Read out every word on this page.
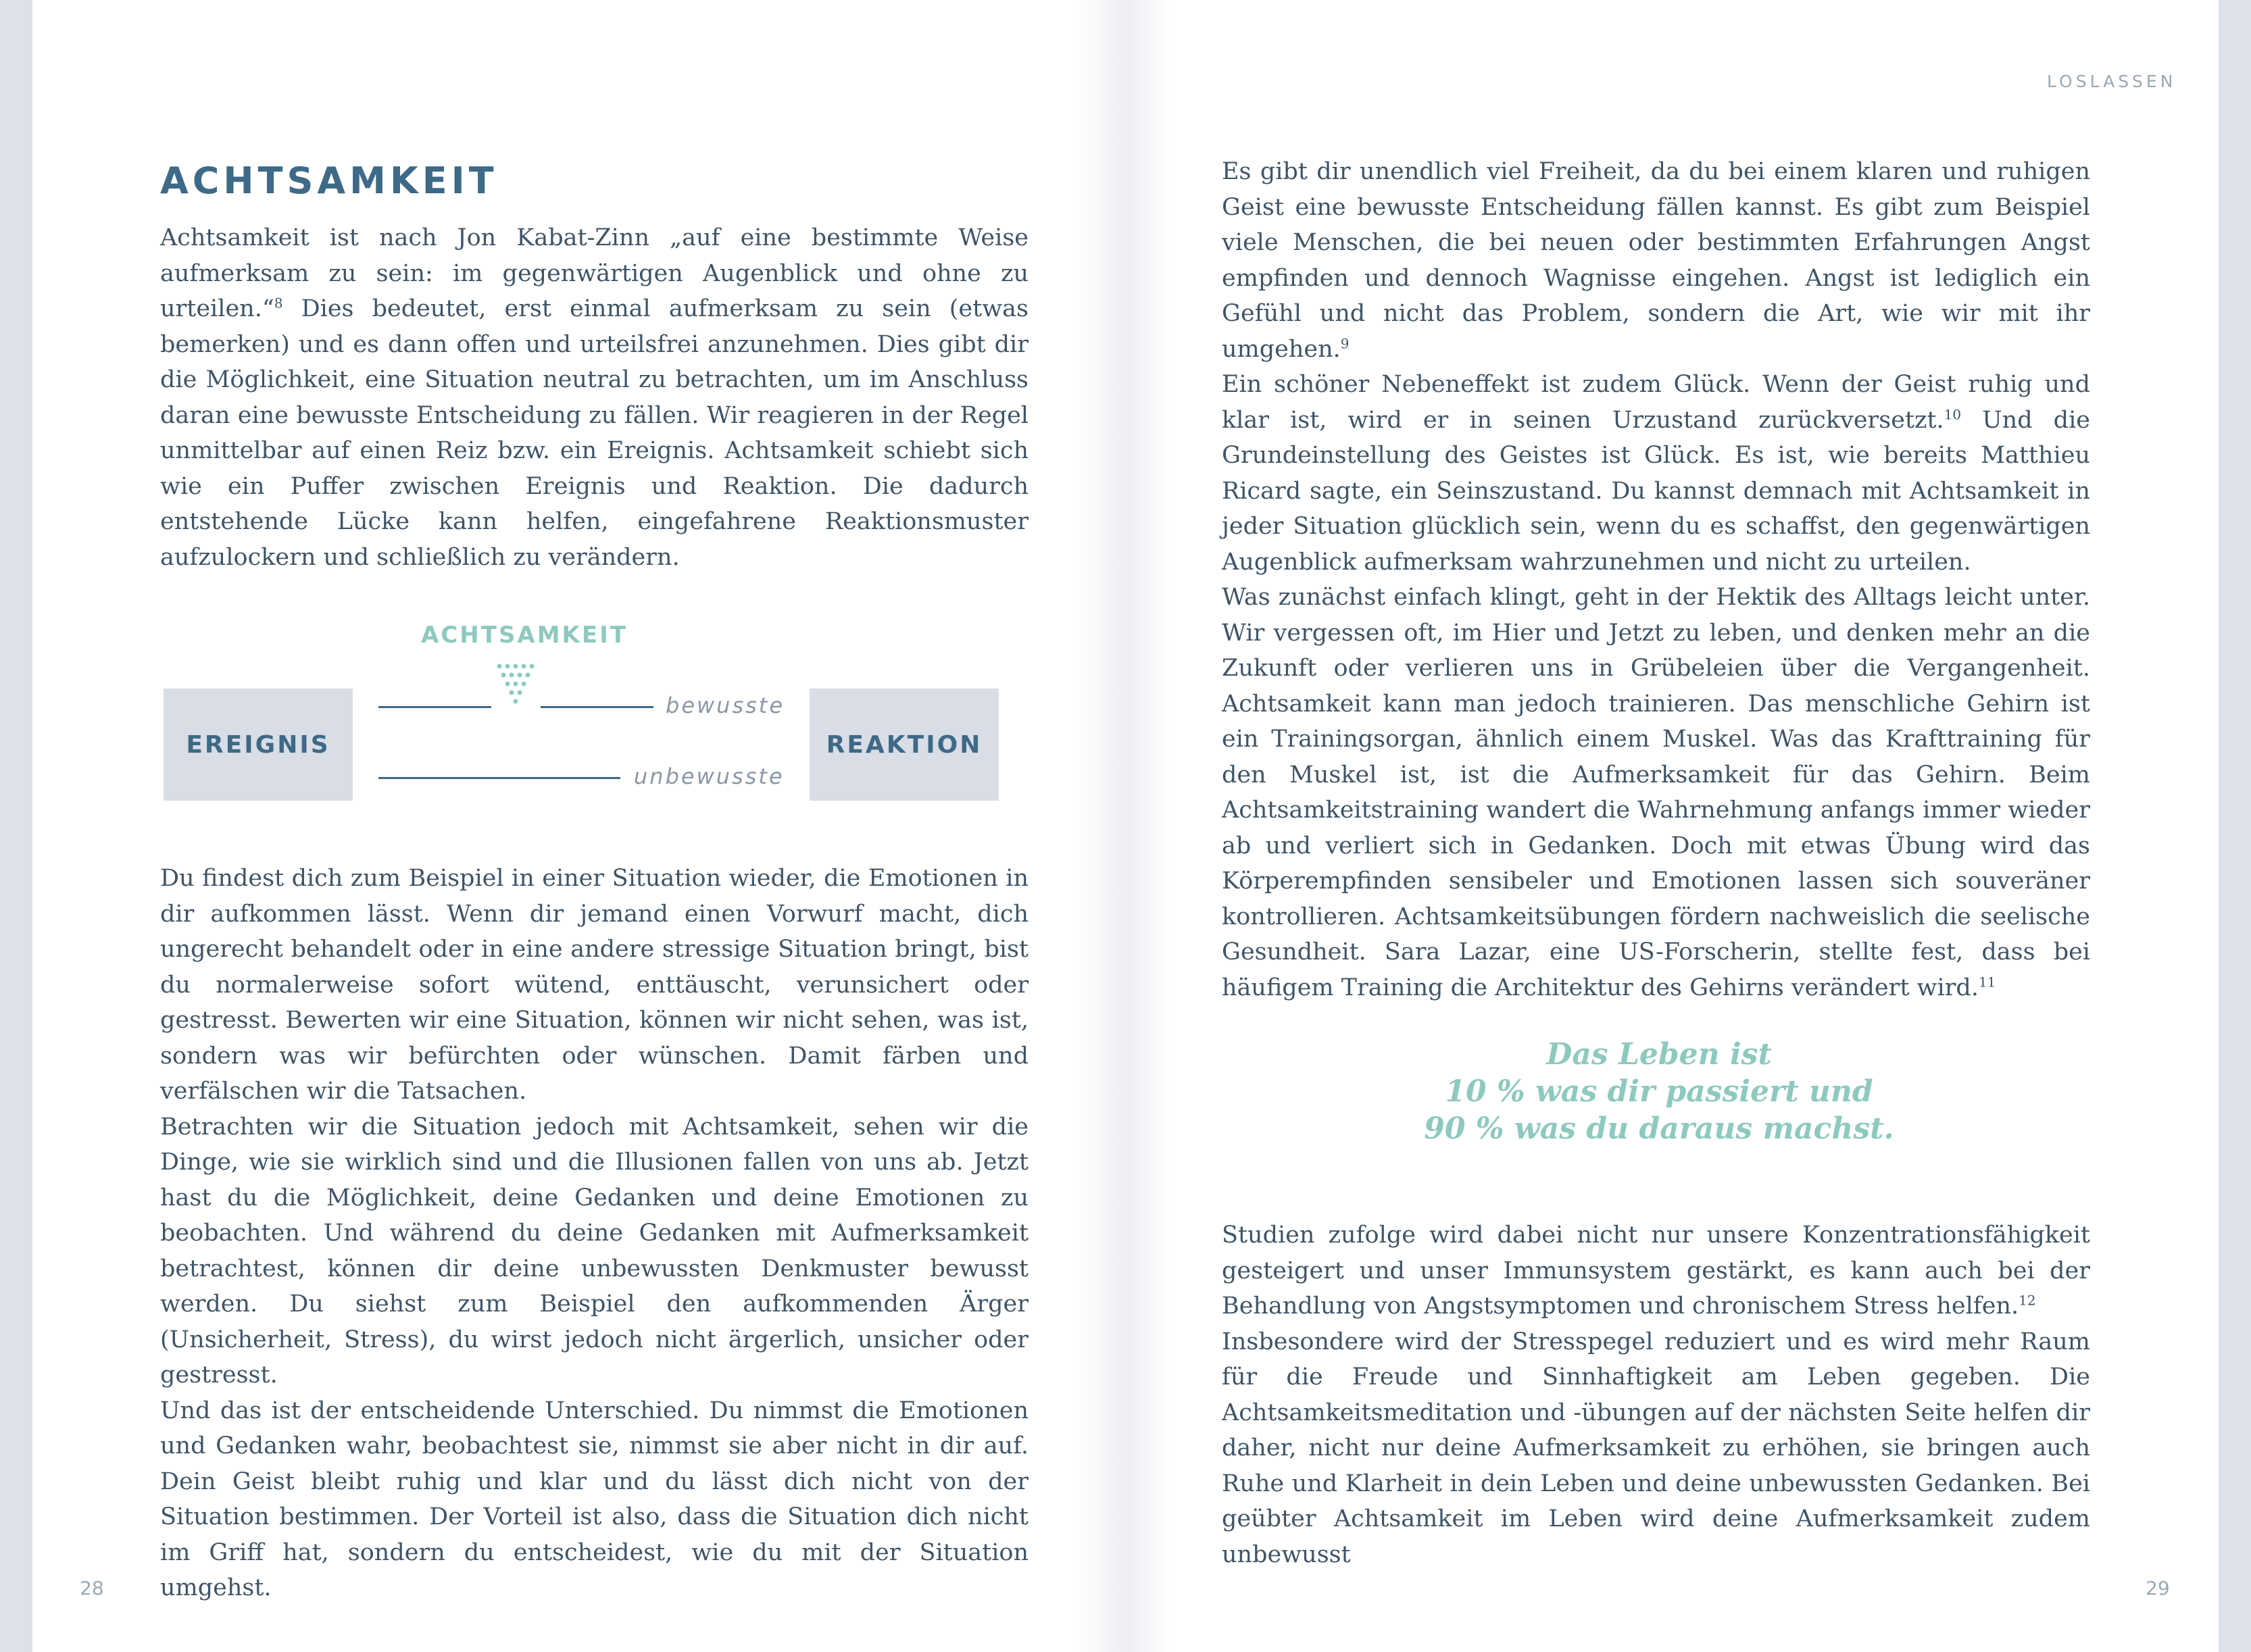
ACHTSAMKEIT

Achtsamkeit ist nach Jon Kabat-Zinn „auf eine bestimmte Weise aufmerksam zu sein: im gegenwärtigen Augenblick und ohne zu urteilen.“$^8$ Dies bedeutet, erst einmal aufmerksam zu sein (etwas bemerken) und es dann offen und urteilsfrei anzunehmen. Dies gibt dir die Möglichkeit, eine Situation neutral zu betrachten, um im Anschluss daran eine bewusste Entscheidung zu fällen. Wir reagieren in der Regel unmittelbar auf einen Reiz bzw. ein Ereignis. Achtsamkeit schiebt sich wie ein Puffer zwischen Ereignis und Reaktion. Die dadurch entstehende Lücke kann helfen, eingefahrene Reaktionsmuster aufzulockern und schließlich zu verändern.

ACHTSAMKEIT
EREIGNIS
bewusste
unbewusste
REAKTION

Du findest dich zum Beispiel in einer Situation wieder, die Emotionen in dir aufkommen lässt. Wenn dir jemand einen Vorwurf macht, dich ungerecht behandelt oder in eine andere stressige Situation bringt, bist du normalerweise sofort wütend, enttäuscht, verunsichert oder gestresst. Bewerten wir eine Situation, können wir nicht sehen, was ist, sondern was wir befürchten oder wünschen. Damit färben und verfälschen wir die Tatsachen.

Betrachten wir die Situation jedoch mit Achtsamkeit, sehen wir die Dinge, wie sie wirklich sind und die Illusionen fallen von uns ab. Jetzt hast du die Möglichkeit, deine Gedanken und deine Emotionen zu beobachten. Und während du deine Gedanken mit Aufmerksamkeit betrachtest, können dir deine unbewussten Denkmuster bewusst werden. Du siehst zum Beispiel den aufkommenden Ärger (Unsicherheit, Stress), du wirst jedoch nicht ärgerlich, unsicher oder gestresst.

Und das ist der entscheidende Unterschied. Du nimmst die Emotionen und Gedanken wahr, beobachtest sie, nimmst sie aber nicht in dir auf. Dein Geist bleibt ruhig und klar und du lässt dich nicht von der Situation bestimmen. Der Vorteil ist also, dass die Situation dich nicht im Griff hat, sondern du entscheidest, wie du mit der Situation umgehst.

28
LOSLASSEN

Es gibt dir unendlich viel Freiheit, da du bei einem klaren und ruhigen Geist eine bewusste Entscheidung fällen kannst. Es gibt zum Beispiel viele Menschen, die bei neuen oder bestimmten Erfahrungen Angst empfinden und dennoch Wagnisse eingehen. Angst ist lediglich ein Gefühl und nicht das Problem, sondern die Art, wie wir mit ihr umgehen.$^9$

Ein schöner Nebeneffekt ist zudem Glück. Wenn der Geist ruhig und klar ist, wird er in seinen Urzustand zurückversetzt.$^{10}$ Und die Grundeinstellung des Geistes ist Glück. Es ist, wie bereits Matthieu Ricard sagte, ein Seinszustand. Du kannst demnach mit Achtsamkeit in jeder Situation glücklich sein, wenn du es schaffst, den gegenwärtigen Augenblick aufmerksam wahrzunehmen und nicht zu urteilen.

Was zunächst einfach klingt, geht in der Hektik des Alltags leicht unter. Wir vergessen oft, im Hier und Jetzt zu leben, und denken mehr an die Zukunft oder verlieren uns in Grübeleien über die Vergangenheit. Achtsamkeit kann man jedoch trainieren. Das menschliche Gehirn ist ein Trainingsorgan, ähnlich einem Muskel. Was das Krafttraining für den Muskel ist, ist die Aufmerksamkeit für das Gehirn. Beim Achtsamkeitstraining wandert die Wahrnehmung anfangs immer wieder ab und verliert sich in Gedanken. Doch mit etwas Übung wird das Körperempfinden sensibeler und Emotionen lassen sich souveräner kontrollieren. Achtsamkeitsübungen fördern nachweislich die seelische Gesundheit. Sara Lazar, eine US-Forscherin, stellte fest, dass bei häufigem Training die Architektur des Gehirns verändert wird.$^{11}$

Das Leben ist
10 % was dir passiert und
90 % was du daraus machst.

Studien zufolge wird dabei nicht nur unsere Konzentrationsfähigkeit gesteigert und unser Immunsystem gestärkt, es kann auch bei der Behandlung von Angstsymptomen und chronischem Stress helfen.$^{12}$

Insbesondere wird der Stresspegel reduziert und es wird mehr Raum für die Freude und Sinnhaftigkeit am Leben gegeben. Die Achtsamkeitsmeditation und -übungen auf der nächsten Seite helfen dir daher, nicht nur deine Aufmerksamkeit zu erhöhen, sie bringen auch Ruhe und Klarheit in dein Leben und deine unbewussten Gedanken. Bei geübter Achtsamkeit im Leben wird deine Aufmerksamkeit zudem unbewusst

29
